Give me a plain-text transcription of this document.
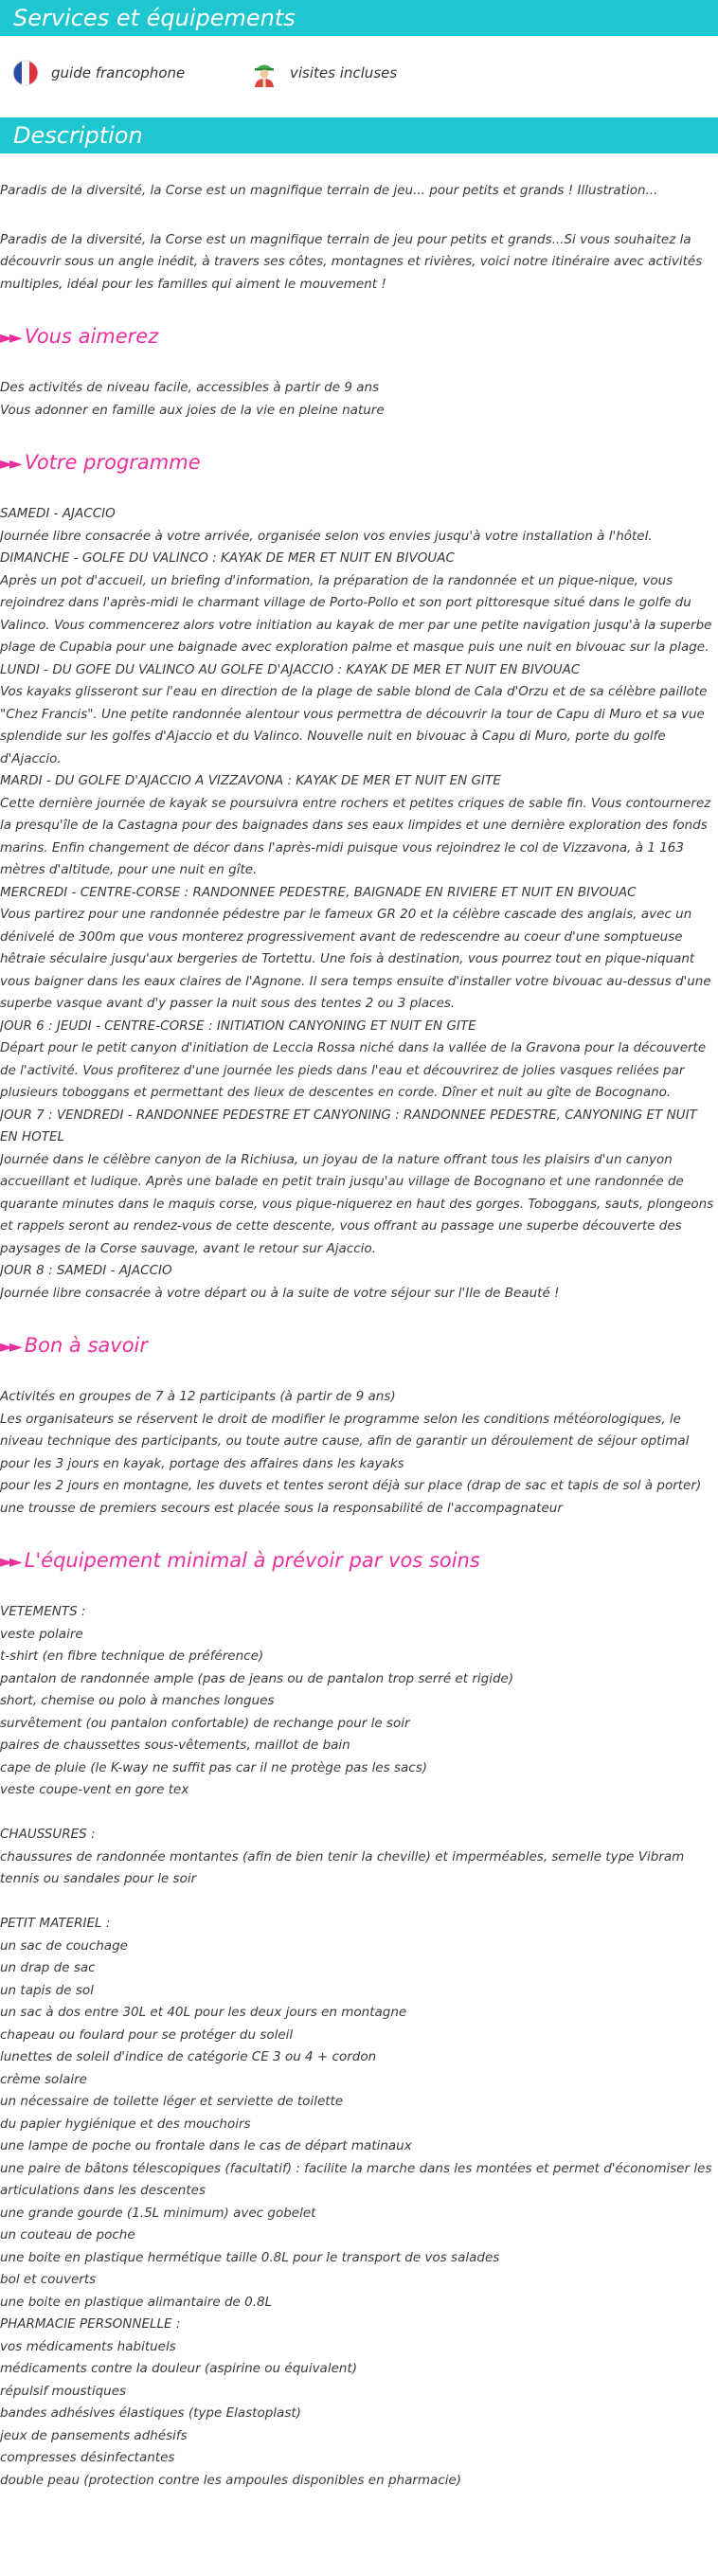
Services et équipements
guide francophone	visites incluses
Description

Paradis de la diversité, la Corse est un magnifique terrain de jeu... pour petits et grands ! Illustration...

Paradis de la diversité, la Corse est un magnifique terrain de jeu pour petits et grands...Si vous souhaitez la découvrir sous un angle inédit, à travers ses côtes, montagnes et rivières, voici notre itinéraire avec activités multiples, idéal pour les familles qui aiment le mouvement !

►► Vous aimerez
Des activités de niveau facile, accessibles à partir de 9 ans
Vous adonner en famille aux joies de la vie en pleine nature
►► Votre programme
SAMEDI - AJACCIO
Journée libre consacrée à votre arrivée, organisée selon vos envies jusqu'à votre installation à l'hôtel.
DIMANCHE - GOLFE DU VALINCO : KAYAK DE MER ET NUIT EN BIVOUAC
Après un pot d'accueil, un briefing d'information, la préparation de la randonnée et un pique-nique, vous rejoindrez dans l'après-midi le charmant village de Porto-Pollo et son port pittoresque situé dans le golfe du Valinco. Vous commencerez alors votre initiation au kayak de mer par une petite navigation jusqu'à la superbe plage de Cupabia pour une baignade avec exploration palme et masque puis une nuit en bivouac sur la plage.
LUNDI - DU GOFE DU VALINCO AU GOLFE D'AJACCIO : KAYAK DE MER ET NUIT EN BIVOUAC
Vos kayaks glisseront sur l'eau en direction de la plage de sable blond de Cala d'Orzu et de sa célèbre paillote "Chez Francis". Une petite randonnée alentour vous permettra de découvrir la tour de Capu di Muro et sa vue splendide sur les golfes d'Ajaccio et du Valinco. Nouvelle nuit en bivouac à Capu di Muro, porte du golfe d'Ajaccio.
MARDI - DU GOLFE D'AJACCIO A VIZZAVONA : KAYAK DE MER ET NUIT EN GITE
Cette dernière journée de kayak se poursuivra entre rochers et petites criques de sable fin. Vous contournerez la presqu'île de la Castagna pour des baignades dans ses eaux limpides et une dernière exploration des fonds marins. Enfin changement de décor dans l'après-midi puisque vous rejoindrez le col de Vizzavona, à 1 163 mètres d'altitude, pour une nuit en gîte.
MERCREDI - CENTRE-CORSE : RANDONNEE PEDESTRE, BAIGNADE EN RIVIERE ET NUIT EN BIVOUAC
Vous partirez pour une randonnée pédestre par le fameux GR 20 et la célèbre cascade des anglais, avec un dénivelé de 300m que vous monterez progressivement avant de redescendre au coeur d'une somptueuse hêtraie séculaire jusqu'aux bergeries de Tortettu. Une fois à destination, vous pourrez tout en pique-niquant vous baigner dans les eaux claires de l'Agnone. Il sera temps ensuite d'installer votre bivouac au-dessus d'une superbe vasque avant d'y passer la nuit sous des tentes 2 ou 3 places.
JOUR 6 : JEUDI - CENTRE-CORSE : INITIATION CANYONING ET NUIT EN GITE
Départ pour le petit canyon d'initiation de Leccia Rossa niché dans la vallée de la Gravona pour la découverte de l'activité. Vous profiterez d'une journée les pieds dans l'eau et découvrirez de jolies vasques reliées par plusieurs toboggans et permettant des lieux de descentes en corde. Dîner et nuit au gîte de Bocognano.
JOUR 7 : VENDREDI - RANDONNEE PEDESTRE ET CANYONING : RANDONNEE PEDESTRE, CANYONING ET NUIT EN HOTEL
Journée dans le célèbre canyon de la Richiusa, un joyau de la nature offrant tous les plaisirs d'un canyon accueillant et ludique. Après une balade en petit train jusqu'au village de Bocognano et une randonnée de quarante minutes dans le maquis corse, vous pique-niquerez en haut des gorges. Toboggans, sauts, plongeons et rappels seront au rendez-vous de cette descente, vous offrant au passage une superbe découverte des paysages de la Corse sauvage, avant le retour sur Ajaccio.
JOUR 8 : SAMEDI - AJACCIO
Journée libre consacrée à votre départ ou à la suite de votre séjour sur l'Ile de Beauté !
►► Bon à savoir
Activités en groupes de 7 à 12 participants (à partir de 9 ans)
Les organisateurs se réservent le droit de modifier le programme selon les conditions météorologiques, le niveau technique des participants, ou toute autre cause, afin de garantir un déroulement de séjour optimal
pour les 3 jours en kayak, portage des affaires dans les kayaks
pour les 2 jours en montagne, les duvets et tentes seront déjà sur place (drap de sac et tapis de sol à porter)
une trousse de premiers secours est placée sous la responsabilité de l'accompagnateur
►► L'équipement minimal à prévoir par vos soins
VETEMENTS :
veste polaire
t-shirt (en fibre technique de préférence)
pantalon de randonnée ample (pas de jeans ou de pantalon trop serré et rigide)
short, chemise ou polo à manches longues
survêtement (ou pantalon confortable) de rechange pour le soir
paires de chaussettes sous-vêtements, maillot de bain
cape de pluie (le K-way ne suffit pas car il ne protège pas les sacs)
veste coupe-vent en gore tex
CHAUSSURES :
chaussures de randonnée montantes (afin de bien tenir la cheville) et imperméables, semelle type Vibram tennis ou sandales pour le soir
PETIT MATERIEL :
un sac de couchage
un drap de sac
un tapis de sol
un sac à dos entre 30L et 40L pour les deux jours en montagne
chapeau ou foulard pour se protéger du soleil
lunettes de soleil d'indice de catégorie CE 3 ou 4 + cordon
crème solaire
un nécessaire de toilette léger et serviette de toilette
du papier hygiénique et des mouchoirs
une lampe de poche ou frontale dans le cas de départ matinaux
une paire de bâtons télescopiques (facultatif) : facilite la marche dans les montées et permet d'économiser les articulations dans les descentes
une grande gourde (1.5L minimum) avec gobelet
un couteau de poche
une boite en plastique hermétique taille 0.8L pour le transport de vos salades
bol et couverts
une boite en plastique alimantaire de 0.8L
PHARMACIE PERSONNELLE :
vos médicaments habituels
médicaments contre la douleur (aspirine ou équivalent)
répulsif moustiques
bandes adhésives élastiques (type Elastoplast)
jeux de pansements adhésifs
compresses désinfectantes
double peau (protection contre les ampoules disponibles en pharmacie)
